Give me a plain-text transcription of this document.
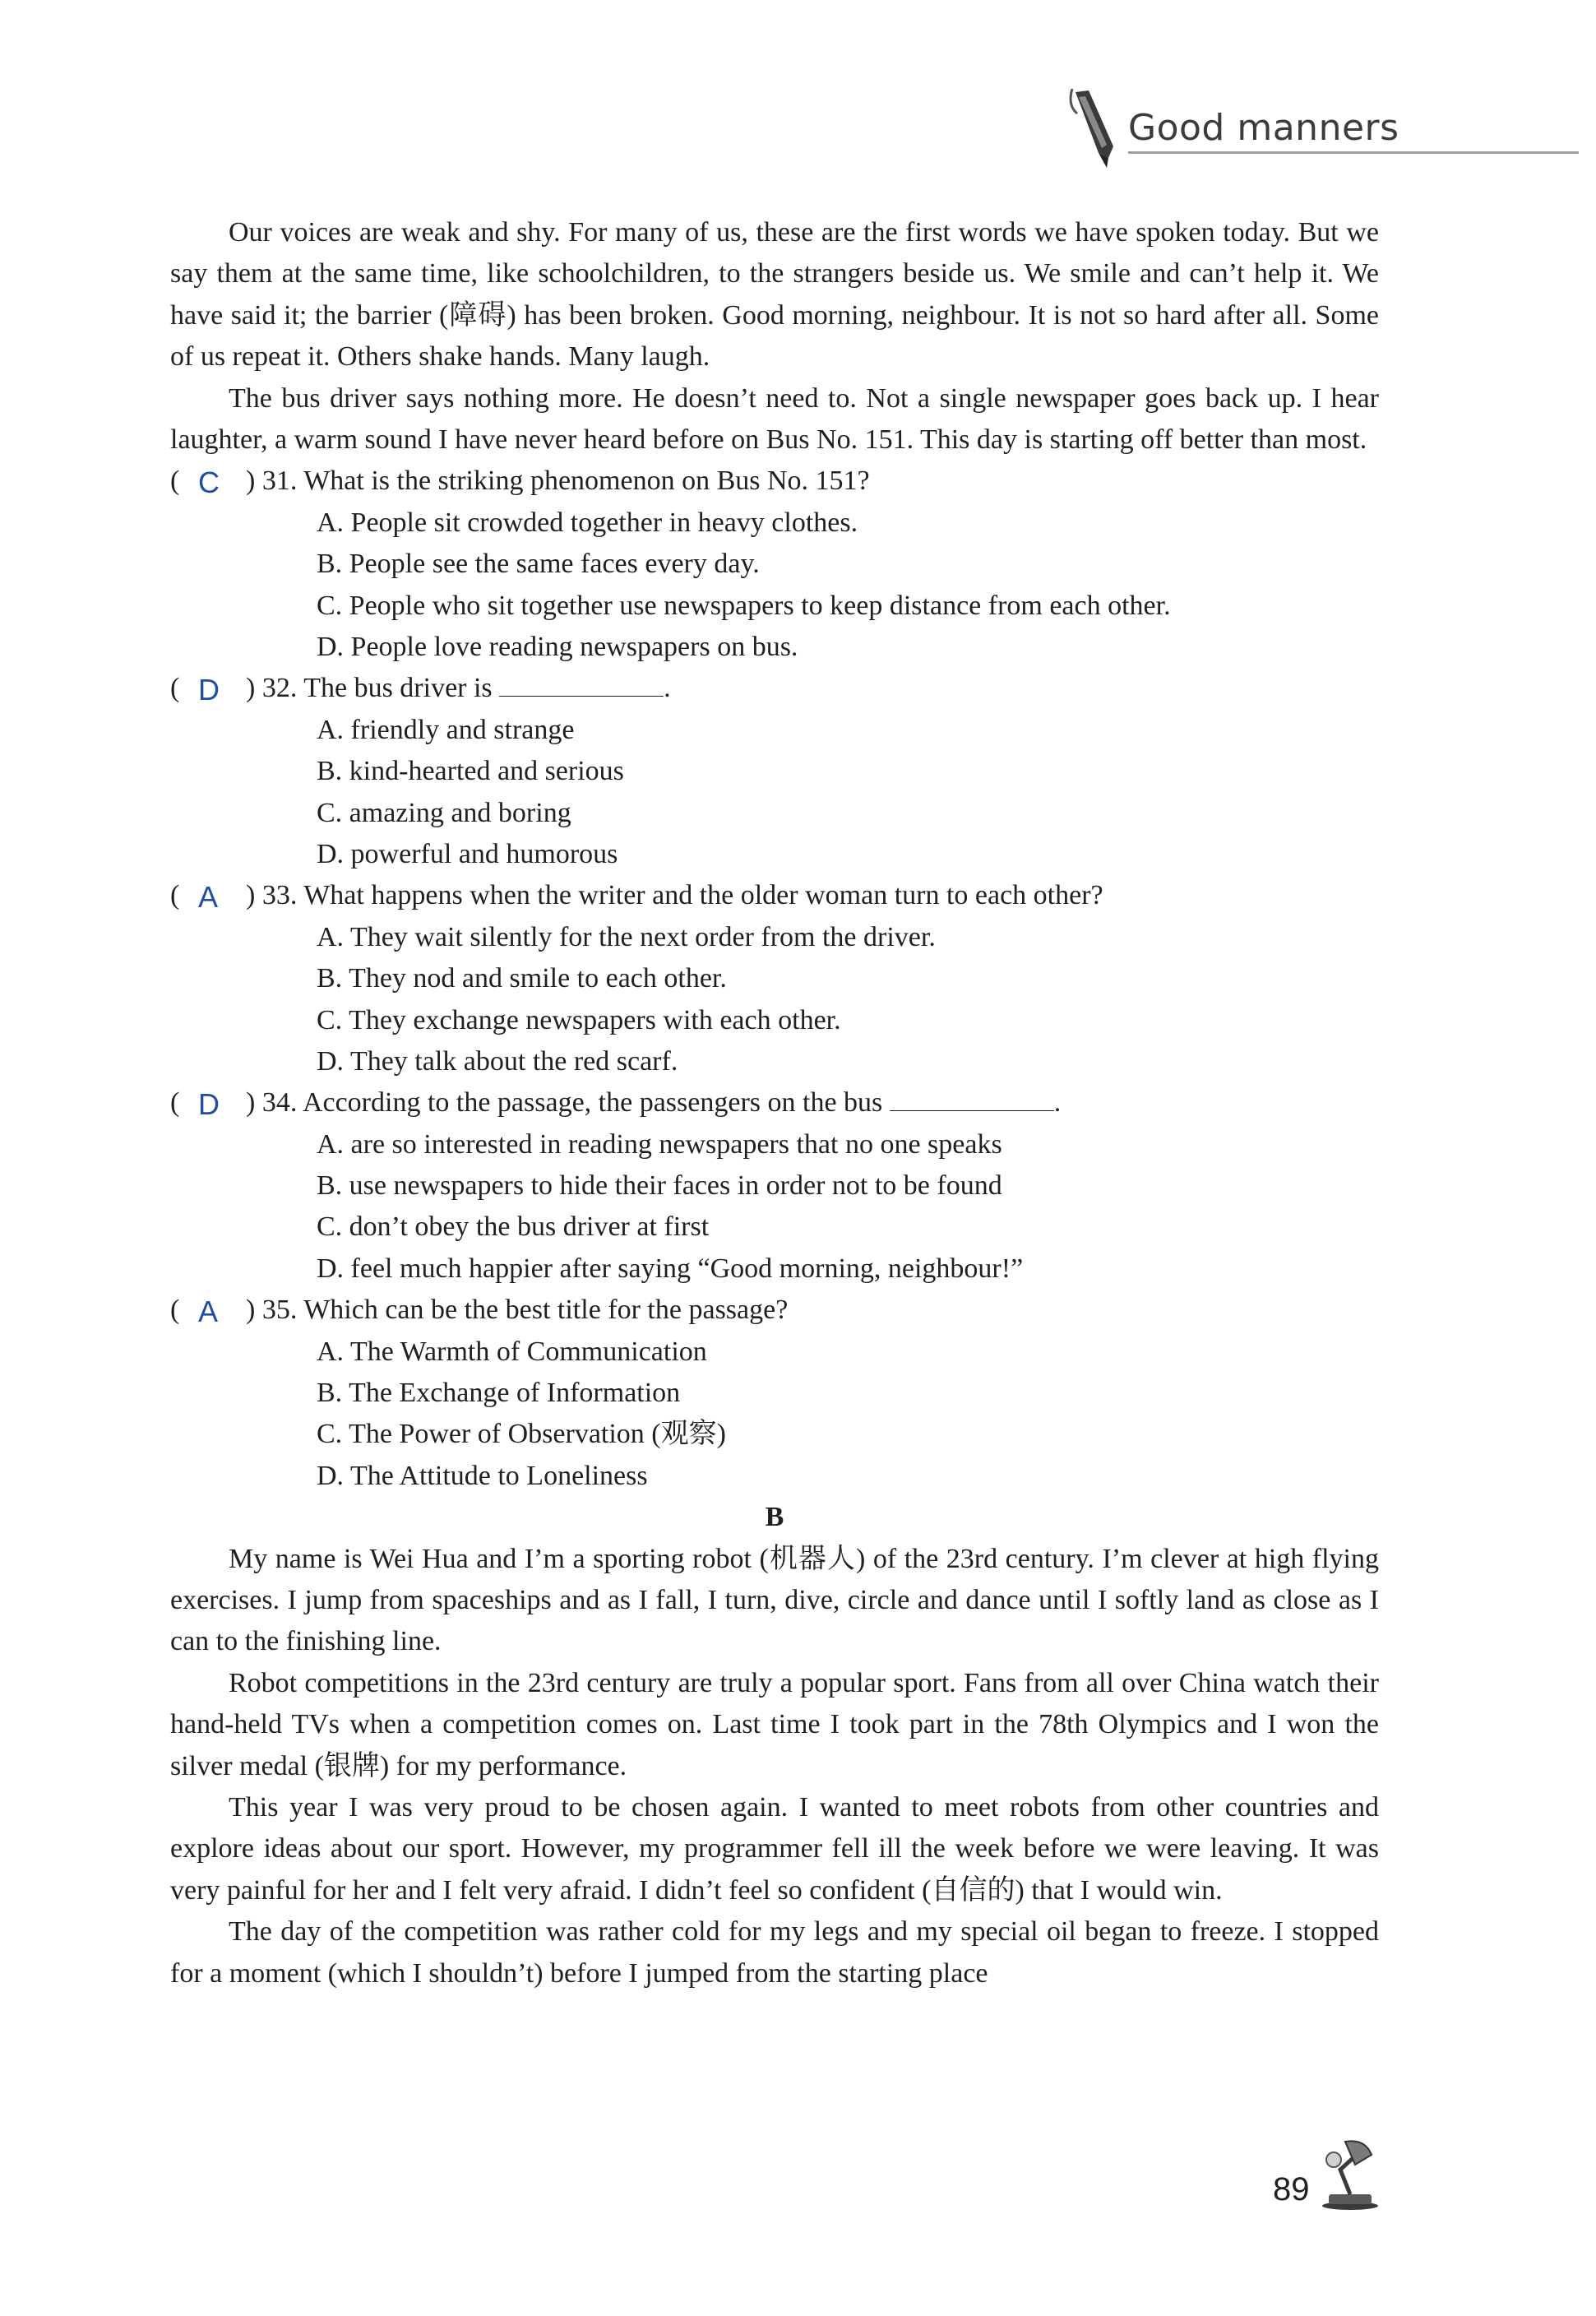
Good manners

Our voices are weak and shy. For many of us, these are the first words we have spoken today. But we say them at the same time, like schoolchildren, to the strangers beside us. We smile and can’t help it. We have said it; the barrier (障碍) has been broken. Good morning, neighbour. It is not so hard after all. Some of us repeat it. Others shake hands. Many laugh.

The bus driver says nothing more. He doesn’t need to. Not a single newspaper goes back up. I hear laughter, a warm sound I have never heard before on Bus No. 151. This day is starting off better than most.

( C ) 31. What is the striking phenomenon on Bus No. 151?
A. People sit crowded together in heavy clothes.
B. People see the same faces every day.
C. People who sit together use newspapers to keep distance from each other.
D. People love reading newspapers on bus.
( D ) 32. The bus driver is	.
A. friendly and strange
B. kind-hearted and serious
C. amazing and boring
D. powerful and humorous
( A ) 33. What happens when the writer and the older woman turn to each other?
A. They wait silently for the next order from the driver.
B. They nod and smile to each other.
C. They exchange newspapers with each other.
D. They talk about the red scarf.
( D ) 34. According to the passage, the passengers on the bus	.
A. are so interested in reading newspapers that no one speaks
B. use newspapers to hide their faces in order not to be found
C. don’t obey the bus driver at first
D. feel much happier after saying “Good morning, neighbour!”
( A ) 35. Which can be the best title for the passage?
A. The Warmth of Communication
B. The Exchange of Information
C. The Power of Observation (观察)
D. The Attitude to Loneliness
B

My name is Wei Hua and I’m a sporting robot (机器人) of the 23rd century. I’m clever at high flying exercises. I jump from spaceships and as I fall, I turn, dive, circle and dance until I softly land as close as I can to the finishing line.

Robot competitions in the 23rd century are truly a popular sport. Fans from all over China watch their hand-held TVs when a competition comes on. Last time I took part in the 78th Olympics and I won the silver medal (银牌) for my performance.

This year I was very proud to be chosen again. I wanted to meet robots from other countries and explore ideas about our sport. However, my programmer fell ill the week before we were leaving. It was very painful for her and I felt very afraid. I didn’t feel so confident (自信的) that I would win.

The day of the competition was rather cold for my legs and my special oil began to freeze. I stopped for a moment (which I shouldn’t) before I jumped from the starting place

89
